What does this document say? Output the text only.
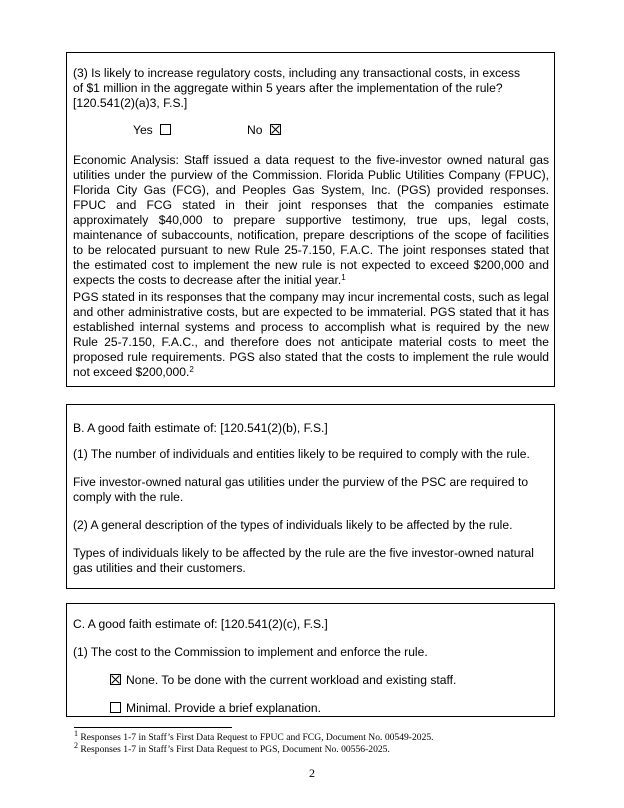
(3) Is likely to increase regulatory costs, including any transactional costs, in excess of $1 million in the aggregate within 5 years after the implementation of the rule? [120.541(2)(a)3, F.S.]

Yes	No

Economic Analysis: Staff issued a data request to the five-investor owned natural gas utilities under the purview of the Commission. Florida Public Utilities Company (FPUC), Florida City Gas (FCG), and Peoples Gas System, Inc. (PGS) provided responses. FPUC and FCG stated in their joint responses that the companies estimate approximately $40,000 to prepare supportive testimony, true ups, legal costs, maintenance of subaccounts, notification, prepare descriptions of the scope of facilities to be relocated pursuant to new Rule 25-7.150, F.A.C. The joint responses stated that the estimated cost to implement the new rule is not expected to exceed $200,000 and expects the costs to decrease after the initial year.$^1$

PGS stated in its responses that the company may incur incremental costs, such as legal and other administrative costs, but are expected to be immaterial. PGS stated that it has established internal systems and process to accomplish what is required by the new Rule 25-7.150, F.A.C., and therefore does not anticipate material costs to meet the proposed rule requirements. PGS also stated that the costs to implement the rule would not exceed $200,000.$^2$

B. A good faith estimate of: [120.541(2)(b), F.S.]

(1) The number of individuals and entities likely to be required to comply with the rule.

Five investor-owned natural gas utilities under the purview of the PSC are required to comply with the rule.

(2) A general description of the types of individuals likely to be affected by the rule.

Types of individuals likely to be affected by the rule are the five investor-owned natural gas utilities and their customers.

C. A good faith estimate of: [120.541(2)(c), F.S.]

(1) The cost to the Commission to implement and enforce the rule.

None. To be done with the current workload and existing staff.
Minimal. Provide a brief explanation.
$^1$ Responses 1-7 in Staff’s First Data Request to FPUC and FCG, Document No. 00549-2025.
$^2$ Responses 1-7 in Staff’s First Data Request to PGS, Document No. 00556-2025.
2
